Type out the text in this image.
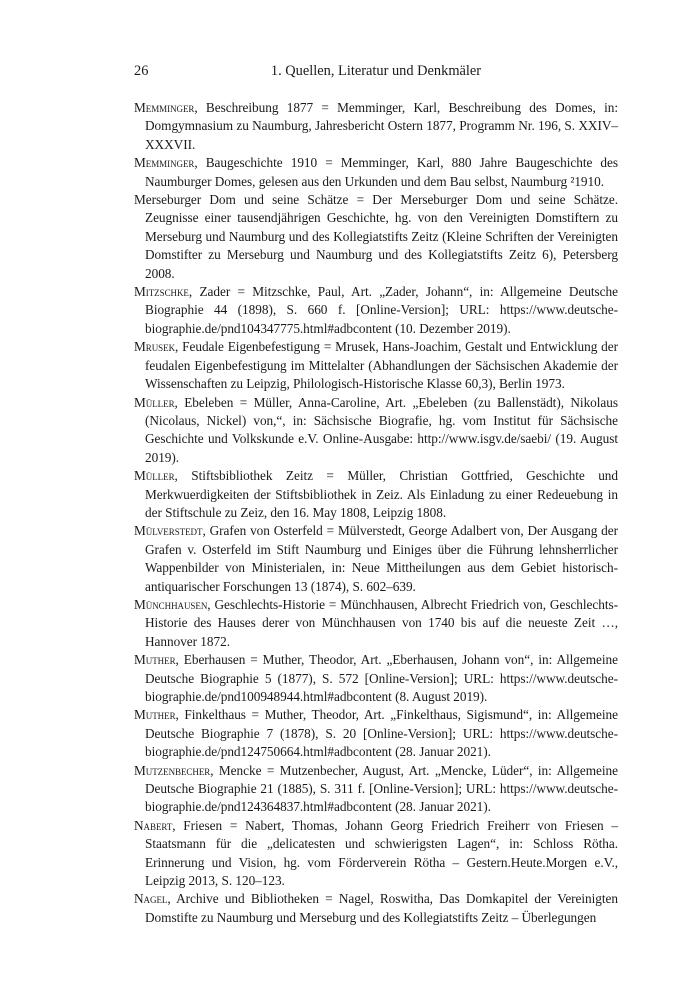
26	1. Quellen, Literatur und Denkmäler

Memminger, Beschreibung 1877 = Memminger, Karl, Beschreibung des Domes, in: Domgymnasium zu Naumburg, Jahresbericht Ostern 1877, Programm Nr. 196, S. XXIV–XXXVII.

Memminger, Baugeschichte 1910 = Memminger, Karl, 880 Jahre Baugeschichte des Naumburger Domes, gelesen aus den Urkunden und dem Bau selbst, Naumburg ²1910.

Merseburger Dom und seine Schätze = Der Merseburger Dom und seine Schätze. Zeugnisse einer tausendjährigen Geschichte, hg. von den Vereinigten Domstiftern zu Merseburg und Naumburg und des Kollegiatstifts Zeitz (Kleine Schriften der Vereinigten Domstifter zu Merseburg und Naumburg und des Kollegiatstifts Zeitz 6), Petersberg 2008.

Mitzschke, Zader = Mitzschke, Paul, Art. „Zader, Johann“, in: Allgemeine Deutsche Biographie 44 (1898), S. 660 f. [Online-Version]; URL: https://www.deutsche-biographie.de/pnd104347775.html#adbcontent (10. Dezember 2019).

Mrusek, Feudale Eigenbefestigung = Mrusek, Hans-Joachim, Gestalt und Entwicklung der feudalen Eigenbefestigung im Mittelalter (Abhandlungen der Sächsischen Akademie der Wissenschaften zu Leipzig, Philologisch-Historische Klasse 60,3), Berlin 1973.

Müller, Ebeleben = Müller, Anna-Caroline, Art. „Ebeleben (zu Ballenstädt), Nikolaus (Nicolaus, Nickel) von,“, in: Sächsische Biografie, hg. vom Institut für Sächsische Geschichte und Volkskunde e.V. Online-Ausgabe: http://www.isgv.de/saebi/ (19. August 2019).

Müller, Stiftsbibliothek Zeitz = Müller, Christian Gottfried, Geschichte und Merkwuerdigkeiten der Stiftsbibliothek in Zeiz. Als Einladung zu einer Redeuebung in der Stiftschule zu Zeiz, den 16. May 1808, Leipzig 1808.

Mülverstedt, Grafen von Osterfeld = Mülverstedt, George Adalbert von, Der Ausgang der Grafen v. Osterfeld im Stift Naumburg und Einiges über die Führung lehnsherrlicher Wappenbilder von Ministerialen, in: Neue Mittheilungen aus dem Gebiet historisch-antiquarischer Forschungen 13 (1874), S. 602–639.

Münchhausen, Geschlechts-Historie = Münchhausen, Albrecht Friedrich von, Geschlechts-Historie des Hauses derer von Münchhausen von 1740 bis auf die neueste Zeit …, Hannover 1872.

Muther, Eberhausen = Muther, Theodor, Art. „Eberhausen, Johann von“, in: Allgemeine Deutsche Biographie 5 (1877), S. 572 [Online-Version]; URL: https://www.deutsche-biographie.de/pnd100948944.html#adbcontent (8. August 2019).

Muther, Finkelthaus = Muther, Theodor, Art. „Finkelthaus, Sigismund“, in: Allgemeine Deutsche Biographie 7 (1878), S. 20 [Online-Version]; URL: https://www.deutsche-biographie.de/pnd124750664.html#adbcontent (28. Januar 2021).

Mutzenbecher, Mencke = Mutzenbecher, August, Art. „Mencke, Lüder“, in: Allgemeine Deutsche Biographie 21 (1885), S. 311 f. [Online-Version]; URL: https://www.deutsche-biographie.de/pnd124364837.html#adbcontent (28. Januar 2021).

Nabert, Friesen = Nabert, Thomas, Johann Georg Friedrich Freiherr von Friesen – Staatsmann für die „delicatesten und schwierigsten Lagen“, in: Schloss Rötha. Erinnerung und Vision, hg. vom Förderverein Rötha – Gestern.Heute.Morgen e.V., Leipzig 2013, S. 120–123.

Nagel, Archive und Bibliotheken = Nagel, Roswitha, Das Domkapitel der Vereinigten Domstifte zu Naumburg und Merseburg und des Kollegiatstifts Zeitz – Überlegungen
